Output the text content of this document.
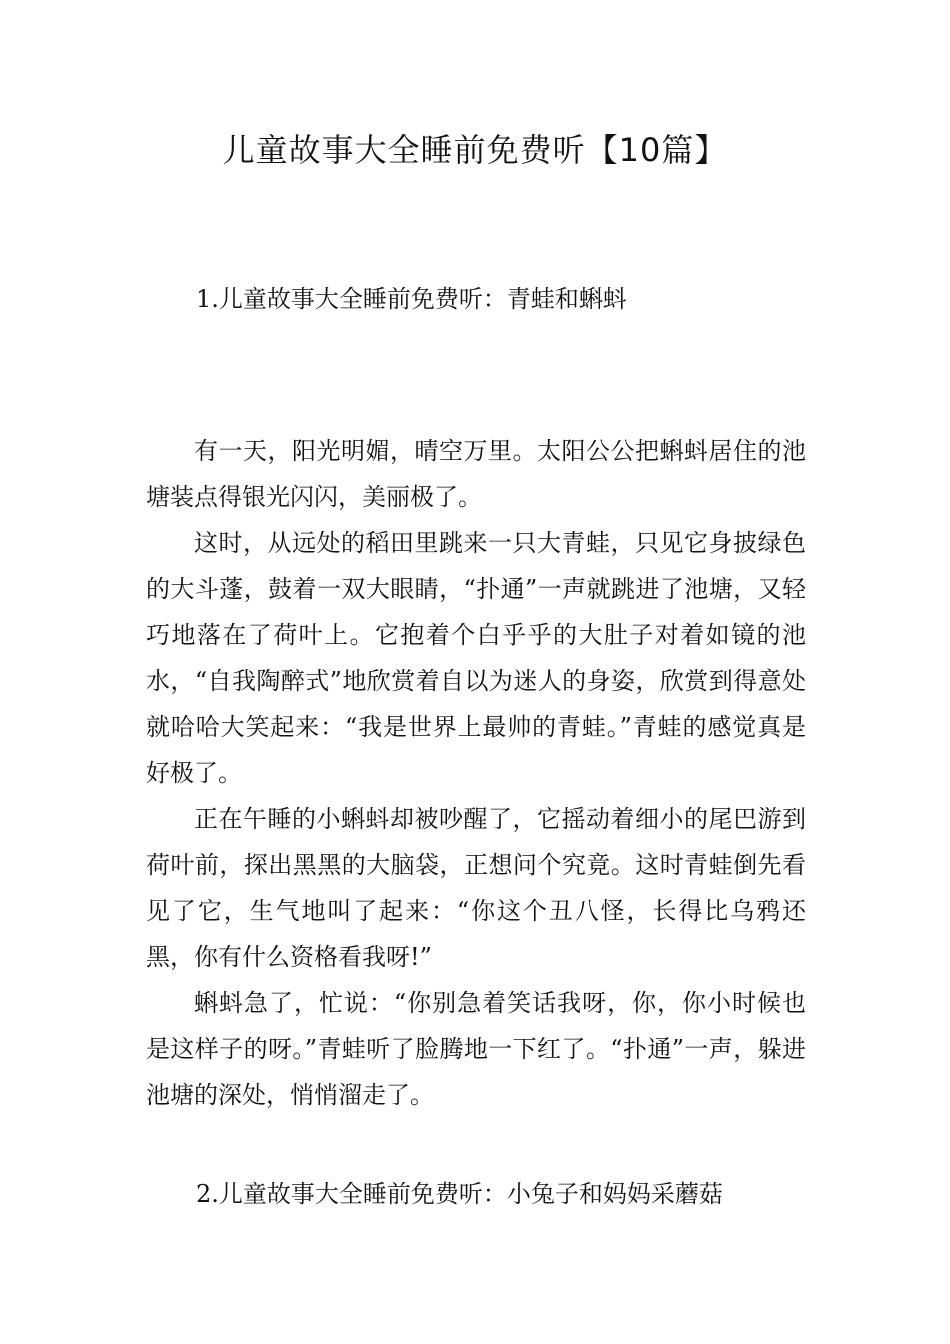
儿童故事大全睡前免费听【10篇】
1.儿童故事大全睡前免费听：青蛙和蝌蚪

有一天，阳光明媚，晴空万里。太阳公公把蝌蚪居住的池塘装点得银光闪闪，美丽极了。

这时，从远处的稻田里跳来一只大青蛙，只见它身披绿色的大斗蓬，鼓着一双大眼睛，“扑通”一声就跳进了池塘，又轻巧地落在了荷叶上。它抱着个白乎乎的大肚子对着如镜的池水，“自我陶醉式”地欣赏着自以为迷人的身姿，欣赏到得意处就哈哈大笑起来：“我是世界上最帅的青蛙。”青蛙的感觉真是好极了。

正在午睡的小蝌蚪却被吵醒了，它摇动着细小的尾巴游到荷叶前，探出黑黑的大脑袋，正想问个究竟。这时青蛙倒先看见了它，生气地叫了起来：“你这个丑八怪，长得比乌鸦还黑，你有什么资格看我呀!”

蝌蚪急了，忙说：“你别急着笑话我呀，你，你小时候也是这样子的呀。”青蛙听了脸腾地一下红了。“扑通”一声，躲进池塘的深处，悄悄溜走了。

2.儿童故事大全睡前免费听：小兔子和妈妈采蘑菇
